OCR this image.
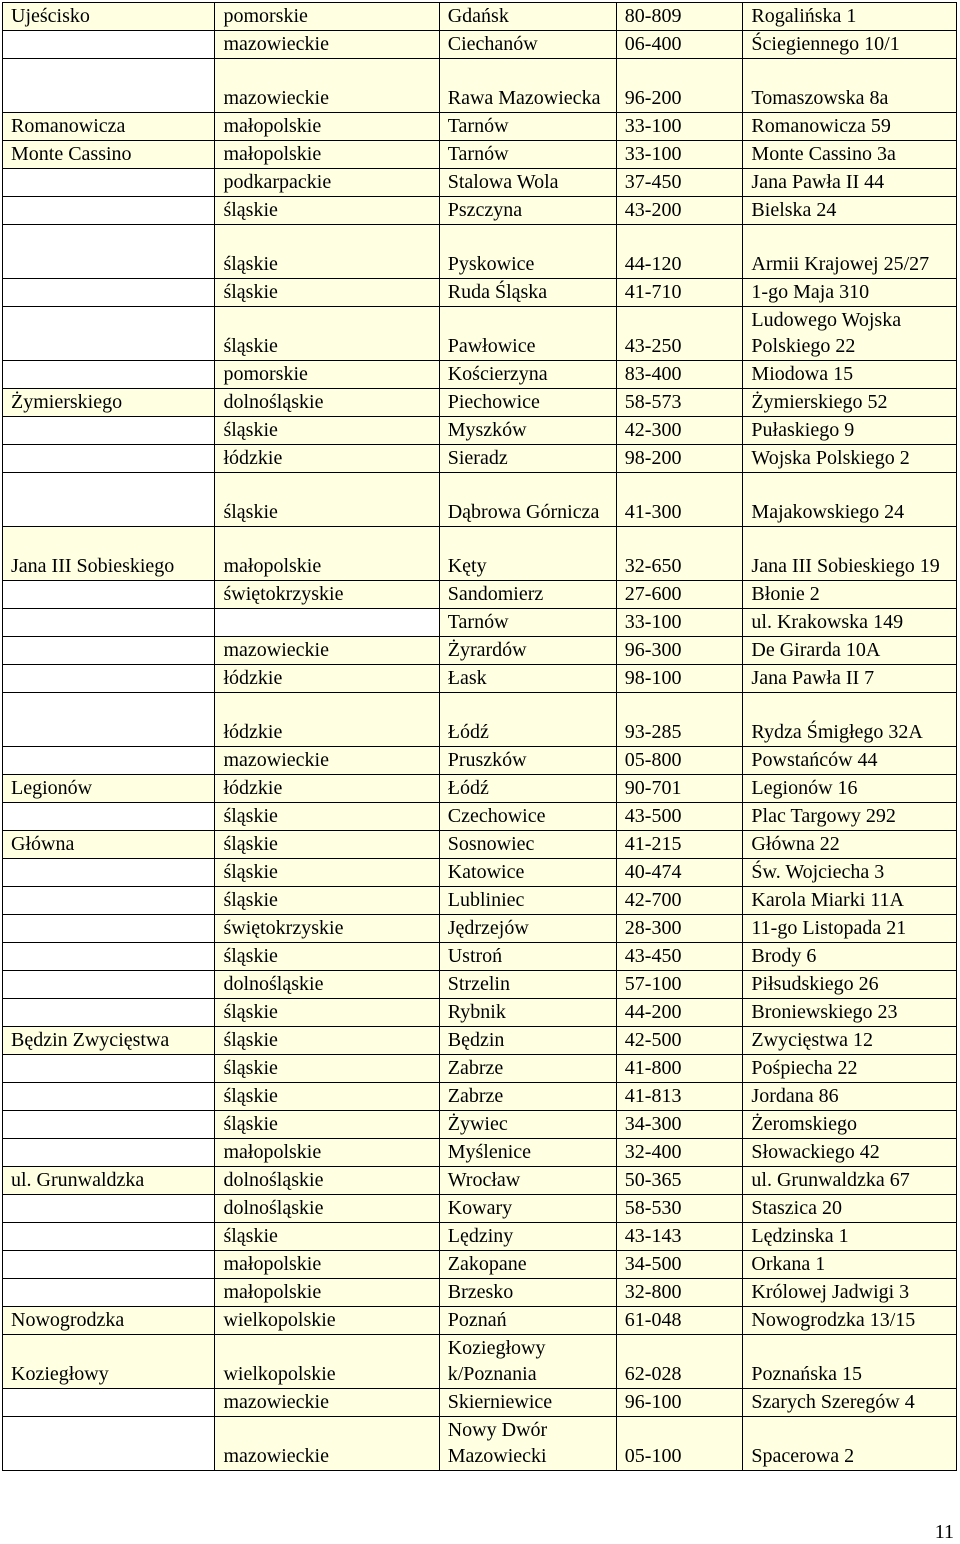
Ujeścisko	pomorskie	Gdańsk	80-809	Rogalińska 1
	mazowieckie	Ciechanów	06-400	Ściegiennego 10/1
	mazowieckie	Rawa Mazowiecka	96-200	Tomaszowska 8a
Romanowicza	małopolskie	Tarnów	33-100	Romanowicza 59
Monte Cassino	małopolskie	Tarnów	33-100	Monte Cassino 3a
	podkarpackie	Stalowa Wola	37-450	Jana Pawła II 44
	śląskie	Pszczyna	43-200	Bielska 24
	śląskie	Pyskowice	44-120	Armii Krajowej 25/27
	śląskie	Ruda Śląska	41-710	1-go Maja 310
	śląskie	Pawłowice	43-250	Ludowego Wojska Polskiego 22
	pomorskie	Kościerzyna	83-400	Miodowa 15
Żymierskiego	dolnośląskie	Piechowice	58-573	Żymierskiego 52
	śląskie	Myszków	42-300	Pułaskiego 9
	łódzkie	Sieradz	98-200	Wojska Polskiego 2
	śląskie	Dąbrowa Górnicza	41-300	Majakowskiego 24
Jana III Sobieskiego	małopolskie	Kęty	32-650	Jana III Sobieskiego 19
	świętokrzyskie	Sandomierz	27-600	Błonie 2
		Tarnów	33-100	ul. Krakowska 149
	mazowieckie	Żyrardów	96-300	De Girarda 10A
	łódzkie	Łask	98-100	Jana Pawła II 7
	łódzkie	Łódź	93-285	Rydza Śmigłego 32A
	mazowieckie	Pruszków	05-800	Powstańców 44
Legionów	łódzkie	Łódź	90-701	Legionów 16
	śląskie	Czechowice	43-500	Plac Targowy 292
Główna	śląskie	Sosnowiec	41-215	Główna 22
	śląskie	Katowice	40-474	Św. Wojciecha 3
	śląskie	Lubliniec	42-700	Karola Miarki 11A
	świętokrzyskie	Jędrzejów	28-300	11-go Listopada 21
	śląskie	Ustroń	43-450	Brody 6
	dolnośląskie	Strzelin	57-100	Piłsudskiego 26
	śląskie	Rybnik	44-200	Broniewskiego 23
Będzin Zwycięstwa	śląskie	Będzin	42-500	Zwycięstwa 12
	śląskie	Zabrze	41-800	Pośpiecha 22
	śląskie	Zabrze	41-813	Jordana 86
	śląskie	Żywiec	34-300	Żeromskiego
	małopolskie	Myślenice	32-400	Słowackiego 42
ul. Grunwaldzka	dolnośląskie	Wrocław	50-365	ul. Grunwaldzka 67
	dolnośląskie	Kowary	58-530	Staszica 20
	śląskie	Lędziny	43-143	Lędzinska 1
	małopolskie	Zakopane	34-500	Orkana 1
	małopolskie	Brzesko	32-800	Królowej Jadwigi 3
Nowogrodzka	wielkopolskie	Poznań	61-048	Nowogrodzka 13/15
Koziegłowy	wielkopolskie	Koziegłowy k/Poznania	62-028	Poznańska 15
	mazowieckie	Skierniewice	96-100	Szarych Szeregów 4
	mazowieckie	Nowy Dwór Mazowiecki	05-100	Spacerowa 2
11
